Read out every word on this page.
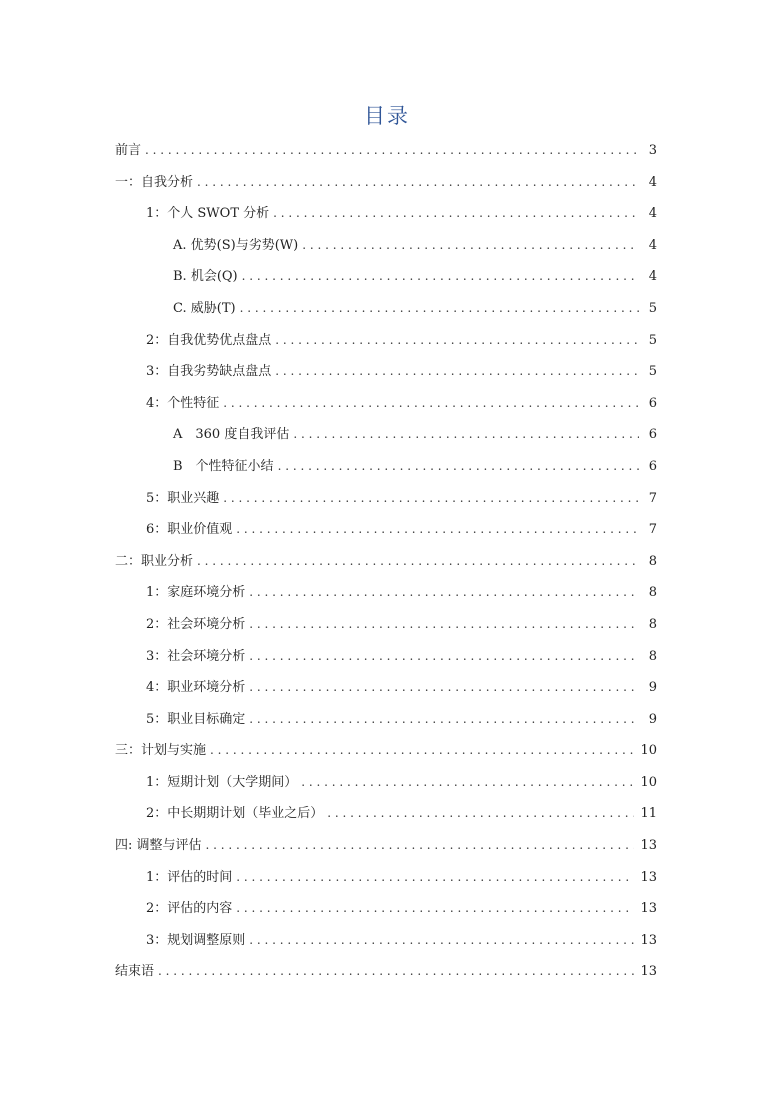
目录
前言 . . .	3
一：自我分析 . . .	4
1：个人 SWOT 分析 . . .	4
A. 优势(S)与劣势(W) . . .	4
B. 机会(Q) . . .	4
C. 威胁(T) . . .	5
2：自我优势优点盘点 . . .	5
3：自我劣势缺点盘点 . . .	5
4：个性特征 . . .	6
A　360 度自我评估 . . .	6
B　个性特征小结 . . .	6
5：职业兴趣 . . .	7
6：职业价值观 . . .	7
二：职业分析 . . .	8
1：家庭环境分析 . . .	8
2：社会环境分析 . . .	8
3：社会环境分析 . . .	8
4：职业环境分析 . . .	9
5：职业目标确定 . . .	9
三：计划与实施 . . .	10
1：短期计划（大学期间） . . .	10
2：中长期期计划（毕业之后） . . .	11
四: 调整与评估 . . .	13
1：评估的时间 . . .	13
2：评估的内容 . . .	13
3：规划调整原则 . . .	13
结束语 . . .	13
